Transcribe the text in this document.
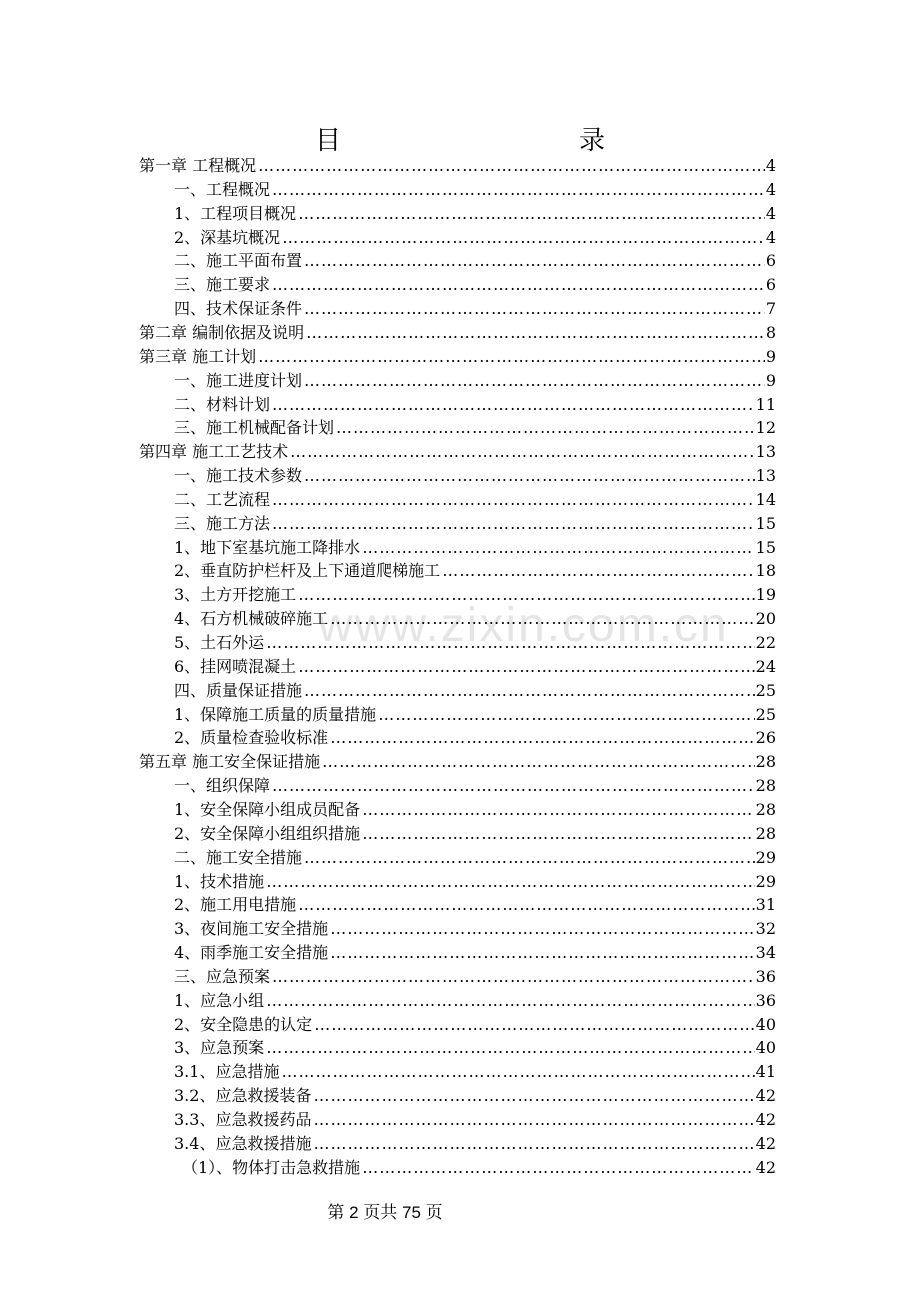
目　　录
www.zixin.com.cn
第一章 工程概况 ……………………………………………………………………………………………………………………………………	4
一、工程概况 ……………………………………………………………………………………………………………………………………	4
1、工程项目概况 ……………………………………………………………………………………………………………………………………	4
2、深基坑概况 ……………………………………………………………………………………………………………………………………	4
二、施工平面布置 ……………………………………………………………………………………………………………………………………	6
三、施工要求 ……………………………………………………………………………………………………………………………………	6
四、技术保证条件 ……………………………………………………………………………………………………………………………………	7
第二章 编制依据及说明 ……………………………………………………………………………………………………………………………………	8
第三章 施工计划 ……………………………………………………………………………………………………………………………………	9
一、施工进度计划 ……………………………………………………………………………………………………………………………………	9
二、材料计划 ……………………………………………………………………………………………………………………………………	11
三、施工机械配备计划 ……………………………………………………………………………………………………………………………………	12
第四章 施工工艺技术 ……………………………………………………………………………………………………………………………………	13
一、施工技术参数 ……………………………………………………………………………………………………………………………………	13
二、工艺流程 ……………………………………………………………………………………………………………………………………	14
三、施工方法 ……………………………………………………………………………………………………………………………………	15
1、地下室基坑施工降排水 ……………………………………………………………………………………………………………………………………	15
2、垂直防护栏杆及上下通道爬梯施工 ……………………………………………………………………………………………………………………………………	18
3、土方开挖施工 ……………………………………………………………………………………………………………………………………	19
4、石方机械破碎施工 ……………………………………………………………………………………………………………………………………	20
5、土石外运 ……………………………………………………………………………………………………………………………………	22
6、挂网喷混凝土 ……………………………………………………………………………………………………………………………………	24
四、质量保证措施 ……………………………………………………………………………………………………………………………………	25
1、保障施工质量的质量措施 ……………………………………………………………………………………………………………………………………	25
2、质量检查验收标准 ……………………………………………………………………………………………………………………………………	26
第五章 施工安全保证措施 ……………………………………………………………………………………………………………………………………	28
一、组织保障 ……………………………………………………………………………………………………………………………………	28
1、安全保障小组成员配备 ……………………………………………………………………………………………………………………………………	28
2、安全保障小组组织措施 ……………………………………………………………………………………………………………………………………	28
二、施工安全措施 ……………………………………………………………………………………………………………………………………	29
1、技术措施 ……………………………………………………………………………………………………………………………………	29
2、施工用电措施 ……………………………………………………………………………………………………………………………………	31
3、夜间施工安全措施 ……………………………………………………………………………………………………………………………………	32
4、雨季施工安全措施 ……………………………………………………………………………………………………………………………………	34
三、应急预案 ……………………………………………………………………………………………………………………………………	36
1、应急小组 ……………………………………………………………………………………………………………………………………	36
2、安全隐患的认定 ……………………………………………………………………………………………………………………………………	40
3、应急预案 ……………………………………………………………………………………………………………………………………	40
3.1、应急措施 ……………………………………………………………………………………………………………………………………	41
3.2、应急救援装备 ……………………………………………………………………………………………………………………………………	42
3.3、应急救援药品 ……………………………………………………………………………………………………………………………………	42
3.4、应急救援措施 ……………………………………………………………………………………………………………………………………	42
（1）、物体打击急救措施 ……………………………………………………………………………………………………………………………………	42
第 2 页共 75 页
